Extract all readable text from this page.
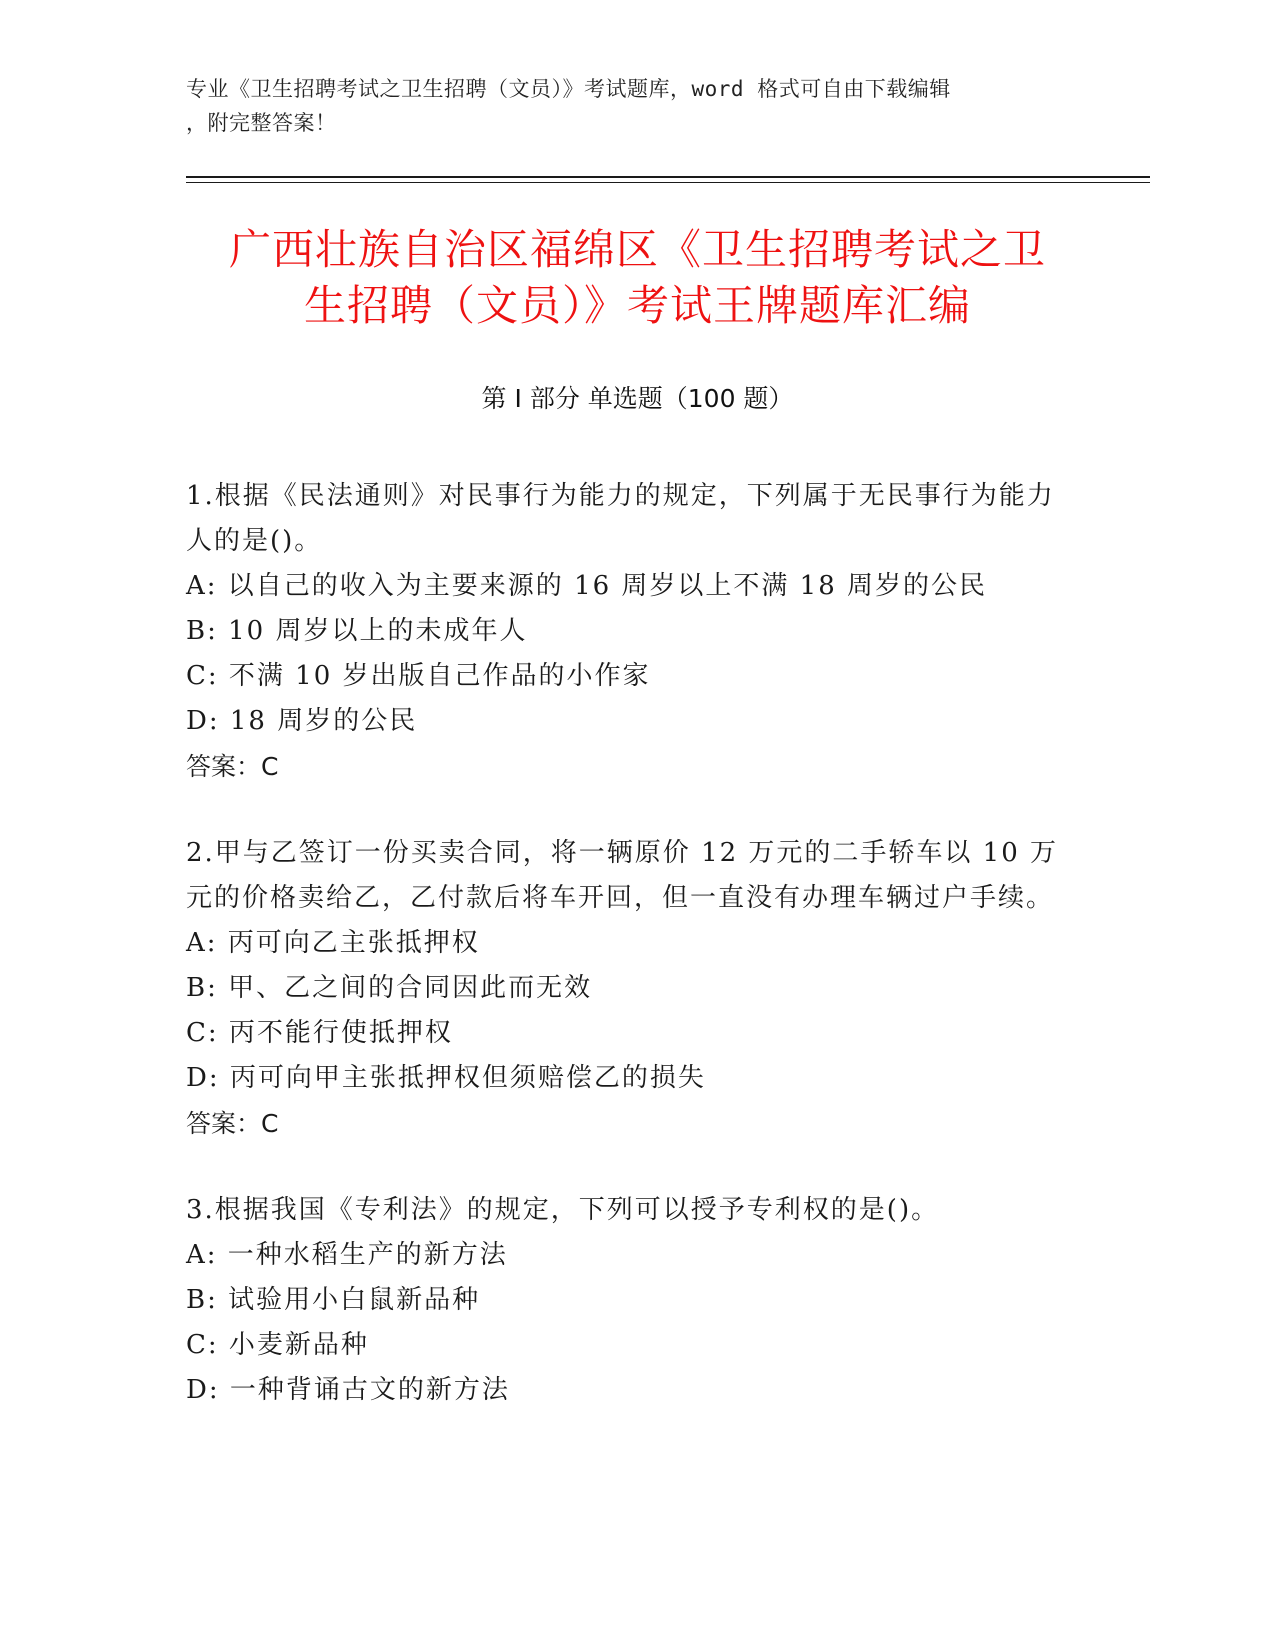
专业《卫生招聘考试之卫生招聘（文员）》考试题库，word 格式可自由下载编辑
，附完整答案！
广西壮族自治区福绵区《卫生招聘考试之卫
生招聘（文员）》考试王牌题库汇编
第 I 部分 单选题（100 题）

1.根据《民法通则》对民事行为能力的规定，下列属于无民事行为能力人的是()。

A: 以自己的收入为主要来源的 16 周岁以上不满 18 周岁的公民

B: 10 周岁以上的未成年人

C: 不满 10 岁出版自己作品的小作家

D: 18 周岁的公民

答案：C

2.甲与乙签订一份买卖合同，将一辆原价 12 万元的二手轿车以 10 万元的价格卖给乙，乙付款后将车开回，但一直没有办理车辆过户手续。

A: 丙可向乙主张抵押权

B: 甲、乙之间的合同因此而无效

C: 丙不能行使抵押权

D: 丙可向甲主张抵押权但须赔偿乙的损失

答案：C

3.根据我国《专利法》的规定，下列可以授予专利权的是()。

A: 一种水稻生产的新方法

B: 试验用小白鼠新品种

C: 小麦新品种

D: 一种背诵古文的新方法
